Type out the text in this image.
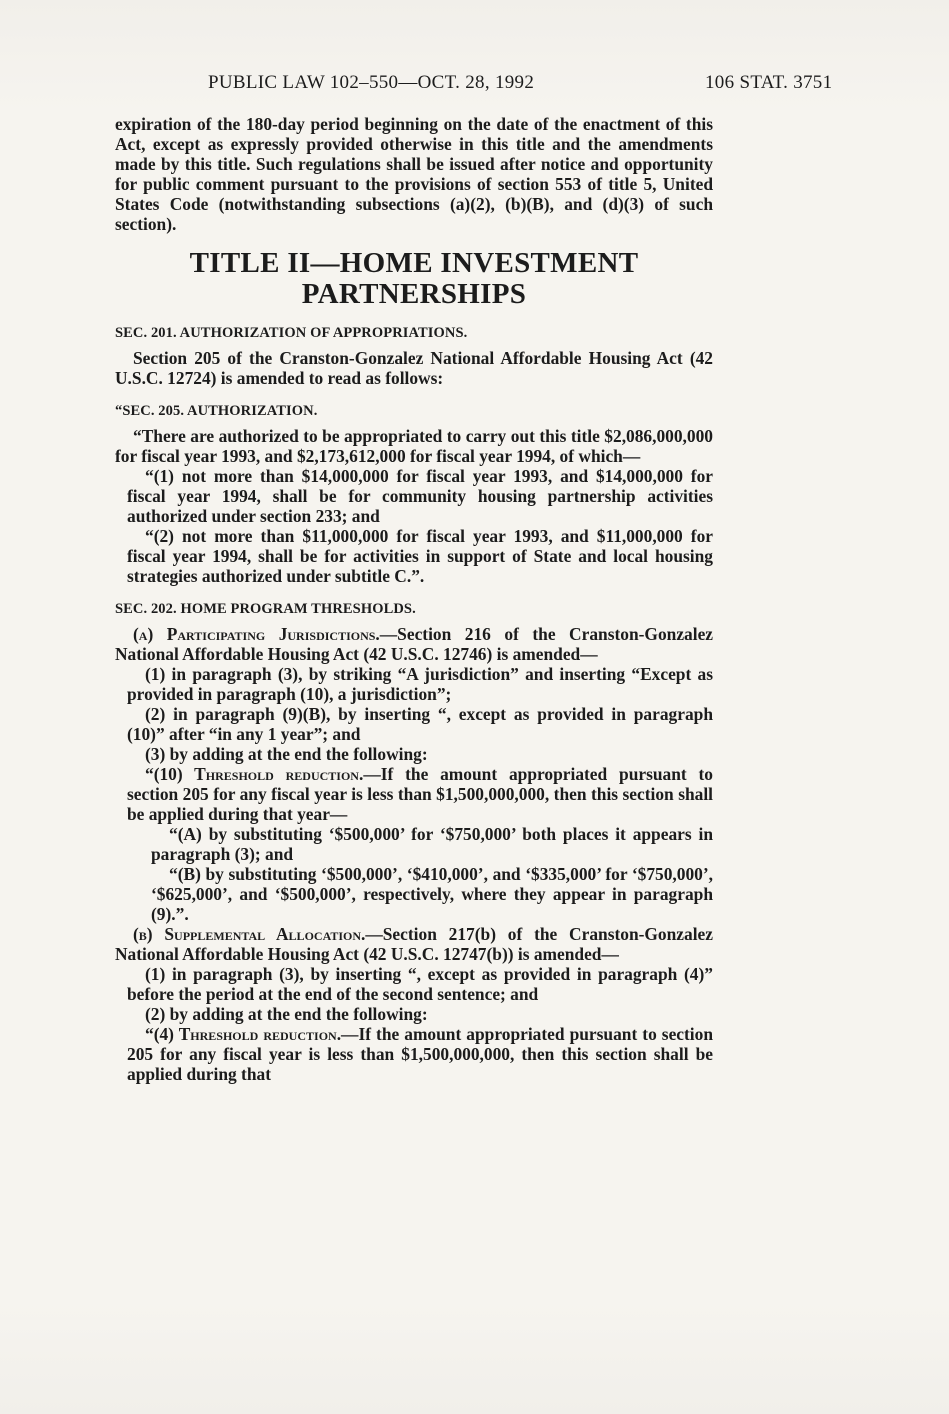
PUBLIC LAW 102–550—OCT. 28, 1992	106 STAT. 3751

expiration of the 180-day period beginning on the date of the enactment of this Act, except as expressly provided otherwise in this title and the amendments made by this title. Such regulations shall be issued after notice and opportunity for public comment pursuant to the provisions of section 553 of title 5, United States Code (notwithstanding subsections (a)(2), (b)(B), and (d)(3) of such section).

TITLE II—HOME INVESTMENT PARTNERSHIPS
SEC. 201. AUTHORIZATION OF APPROPRIATIONS.

Section 205 of the Cranston-Gonzalez National Affordable Housing Act (42 U.S.C. 12724) is amended to read as follows:

“SEC. 205. AUTHORIZATION.

“There are authorized to be appropriated to carry out this title $2,086,000,000 for fiscal year 1993, and $2,173,612,000 for fiscal year 1994, of which—

“(1) not more than $14,000,000 for fiscal year 1993, and $14,000,000 for fiscal year 1994, shall be for community housing partnership activities authorized under section 233; and

“(2) not more than $11,000,000 for fiscal year 1993, and $11,000,000 for fiscal year 1994, shall be for activities in support of State and local housing strategies authorized under subtitle C.”.

SEC. 202. HOME PROGRAM THRESHOLDS.

(a) Participating Jurisdictions.—Section 216 of the Cranston-Gonzalez National Affordable Housing Act (42 U.S.C. 12746) is amended—

(1) in paragraph (3), by striking “A jurisdiction” and inserting “Except as provided in paragraph (10), a jurisdiction”;

(2) in paragraph (9)(B), by inserting “, except as provided in paragraph (10)” after “in any 1 year”; and

(3) by adding at the end the following:

“(10) Threshold reduction.—If the amount appropriated pursuant to section 205 for any fiscal year is less than $1,500,000,000, then this section shall be applied during that year—

“(A) by substituting ‘$500,000’ for ‘$750,000’ both places it appears in paragraph (3); and

“(B) by substituting ‘$500,000’, ‘$410,000’, and ‘$335,000’ for ‘$750,000’, ‘$625,000’, and ‘$500,000’, respectively, where they appear in paragraph (9).”.

(b) Supplemental Allocation.—Section 217(b) of the Cranston-Gonzalez National Affordable Housing Act (42 U.S.C. 12747(b)) is amended—

(1) in paragraph (3), by inserting “, except as provided in paragraph (4)” before the period at the end of the second sentence; and

(2) by adding at the end the following:

“(4) Threshold reduction.—If the amount appropriated pursuant to section 205 for any fiscal year is less than $1,500,000,000, then this section shall be applied during that
